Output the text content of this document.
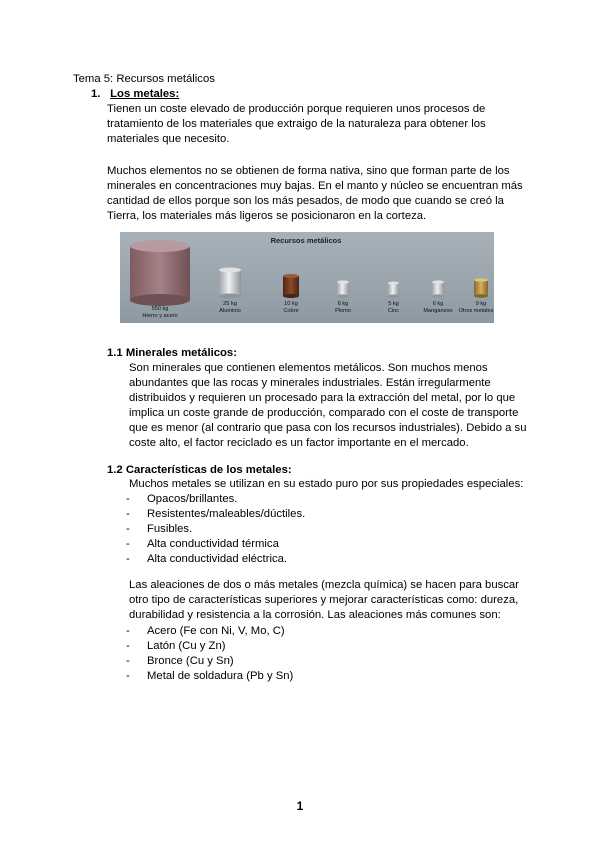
Tema 5: Recursos metálicos
1. Los metales:
Tienen un coste elevado de producción porque requieren unos procesos de
tratamiento de los materiales que extraigo de la naturaleza para obtener los
materiales que necesito.
Muchos elementos no se obtienen de forma nativa, sino que forman parte de los
minerales en concentraciones muy bajas. En el manto y núcleo se encuentran más
cantidad de ellos porque son los más pesados, de modo que cuando se creó la
Tierra, los materiales más ligeros se posicionaron en la corteza.
Recursos metálicos
550 kg
Hierro y acero
25 kg
Aluminio
10 kg
Cobre
6 kg
Plomo
5 kg
Cinc
6 kg
Manganeso
9 kg
Otros metales
1.1 Minerales metálicos:
Son minerales que contienen elementos metálicos. Son muchos menos
abundantes que las rocas y minerales industriales. Están irregularmente
distribuidos y requieren un procesado para la extracción del metal, por lo que
implica un coste grande de producción, comparado con el coste de transporte
que es menor (al contrario que pasa con los recursos industriales). Debido a su
coste alto, el factor reciclado es un factor importante en el mercado.
1.2 Características de los metales:
Muchos metales se utilizan en su estado puro por sus propiedades especiales:
- Opacos/brillantes.
- Resistentes/maleables/dúctiles.
- Fusibles.
- Alta conductividad térmica
- Alta conductividad eléctrica.
Las aleaciones de dos o más metales (mezcla química) se hacen para buscar
otro tipo de características superiores y mejorar características como: dureza,
durabilidad y resistencia a la corrosión. Las aleaciones más comunes son:
- Acero (Fe con Ni, V, Mo, C)
- Latón (Cu y Zn)
- Bronce (Cu y Sn)
- Metal de soldadura (Pb y Sn)
1
